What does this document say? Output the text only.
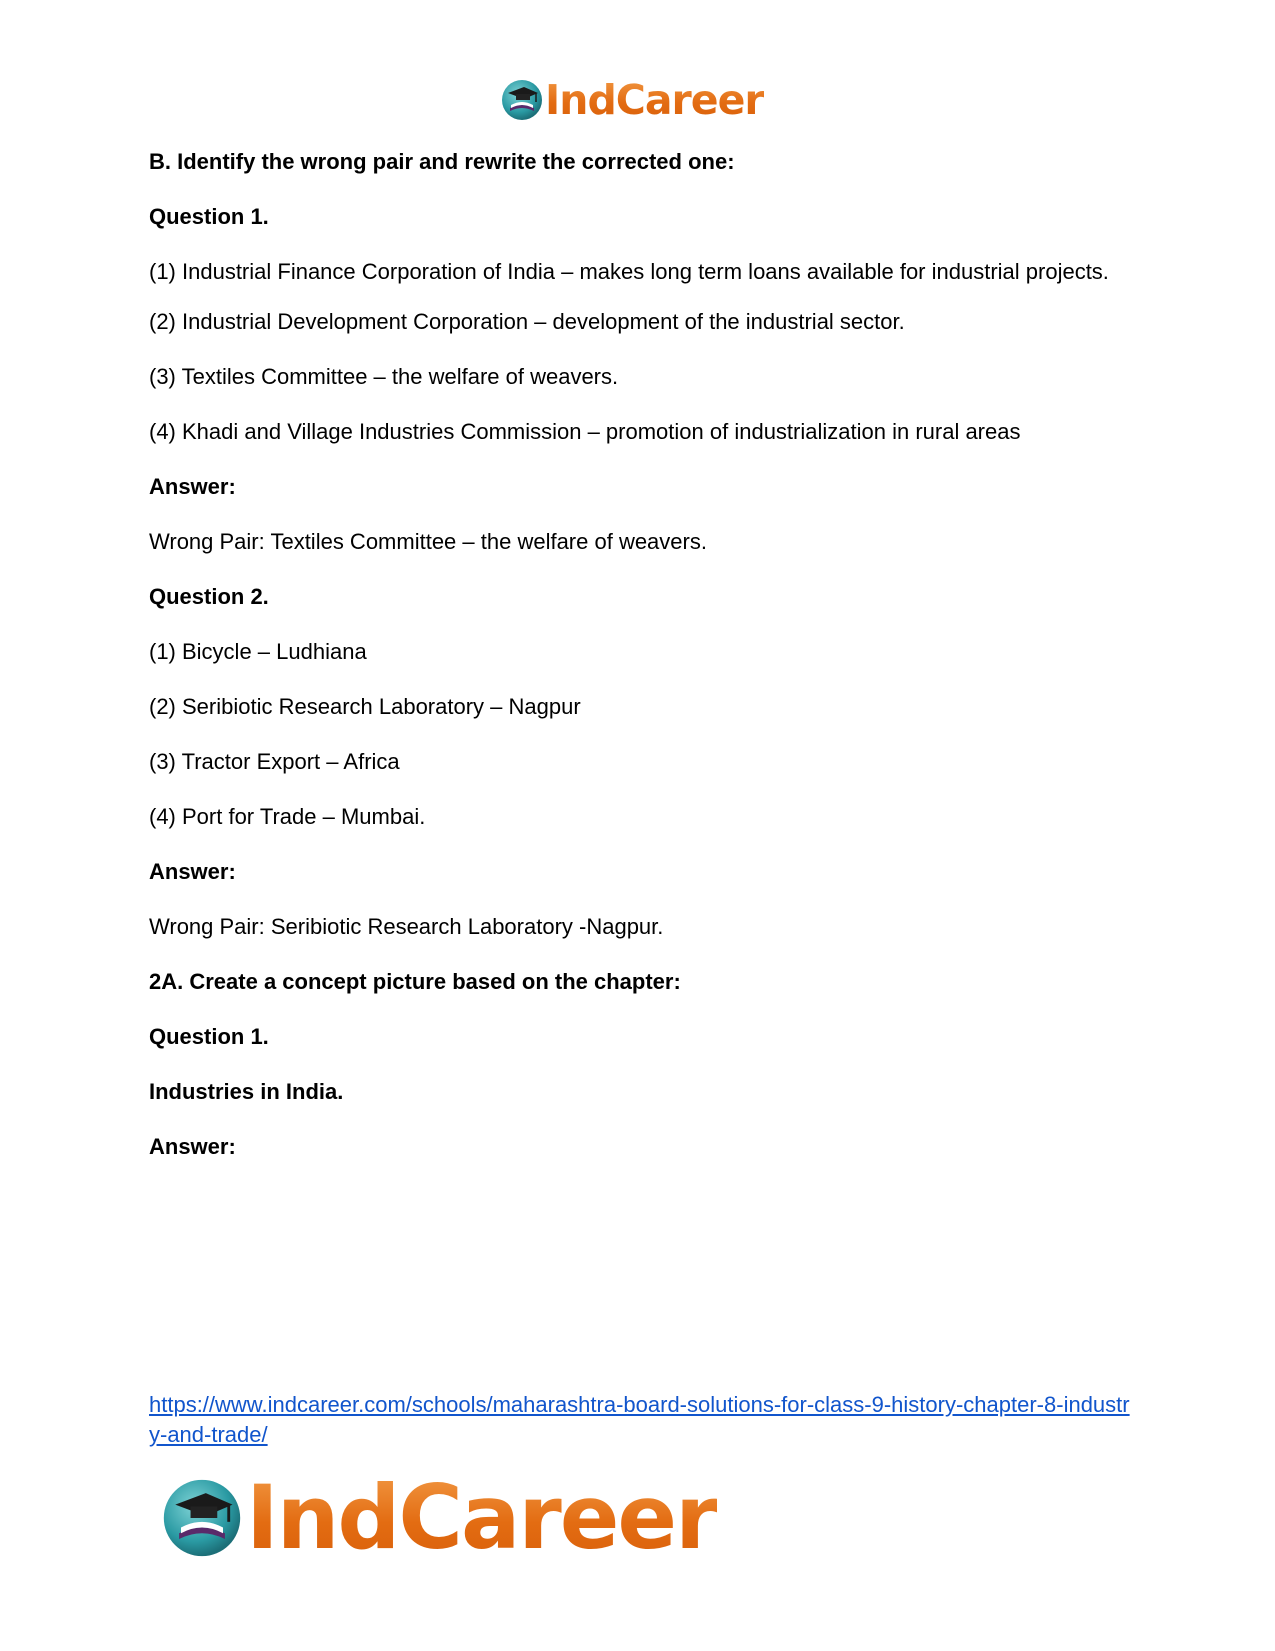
IndCareer
B. Identify the wrong pair and rewrite the corrected one:
Question 1.
(1) Industrial Finance Corporation of India – makes long term loans available for industrial projects.
(2) Industrial Development Corporation – development of the industrial sector.
(3) Textiles Committee – the welfare of weavers.
(4) Khadi and Village Industries Commission – promotion of industrialization in rural areas
Answer:
Wrong Pair: Textiles Committee – the welfare of weavers.
Question 2.
(1) Bicycle – Ludhiana
(2) Seribiotic Research Laboratory – Nagpur
(3) Tractor Export – Africa
(4) Port for Trade – Mumbai.
Answer:
Wrong Pair: Seribiotic Research Laboratory -Nagpur.
2A. Create a concept picture based on the chapter:
Question 1.
Industries in India.
Answer:
https://www.indcareer.com/schools/maharashtra-board-solutions-for-class-9-history-chapter-8-industry-and-trade/
IndCareer
